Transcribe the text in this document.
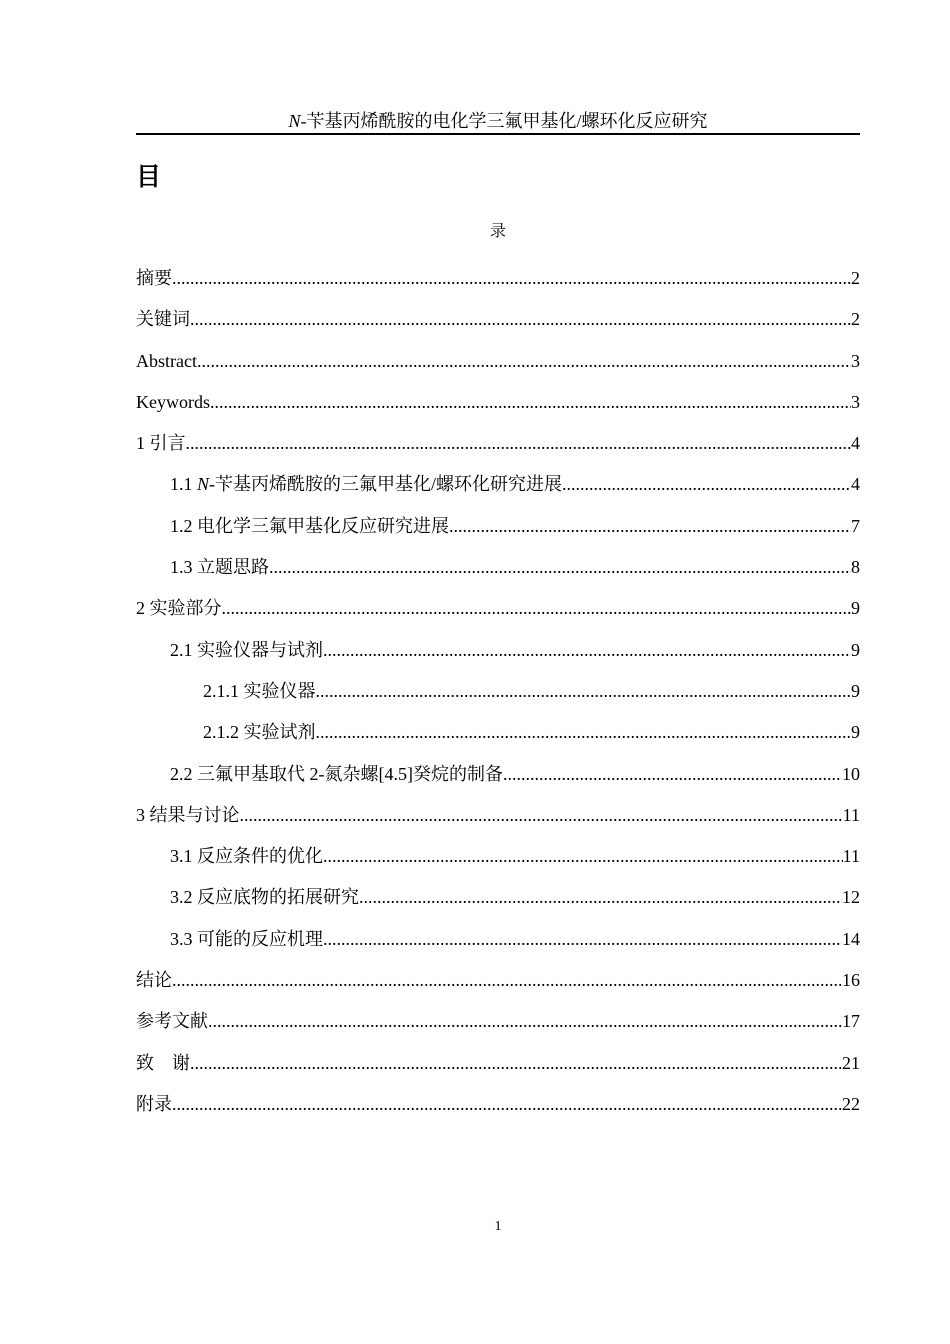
N-苄基丙烯酰胺的电化学三氟甲基化/螺环化反应研究
目
录
摘要 .....	2
关键词 .....	2
Abstract .....	3
Keywords .....	3
1 引言 .....	4
1.1 N-苄基丙烯酰胺的三氟甲基化/螺环化研究进展 .....	4
1.2 电化学三氟甲基化反应研究进展 .....	7
1.3 立题思路 .....	8
2 实验部分 .....	9
2.1 实验仪器与试剂 .....	9
2.1.1 实验仪器 .....	9
2.1.2 实验试剂 .....	9
2.2 三氟甲基取代 2-氮杂螺[4.5]癸烷的制备 .....	10
3 结果与讨论 .....	11
3.1 反应条件的优化 .....	11
3.2 反应底物的拓展研究 .....	12
3.3 可能的反应机理 .....	14
结论 .....	16
参考文献 .....	17
致　谢 .....	21
附录 .....	22
1
